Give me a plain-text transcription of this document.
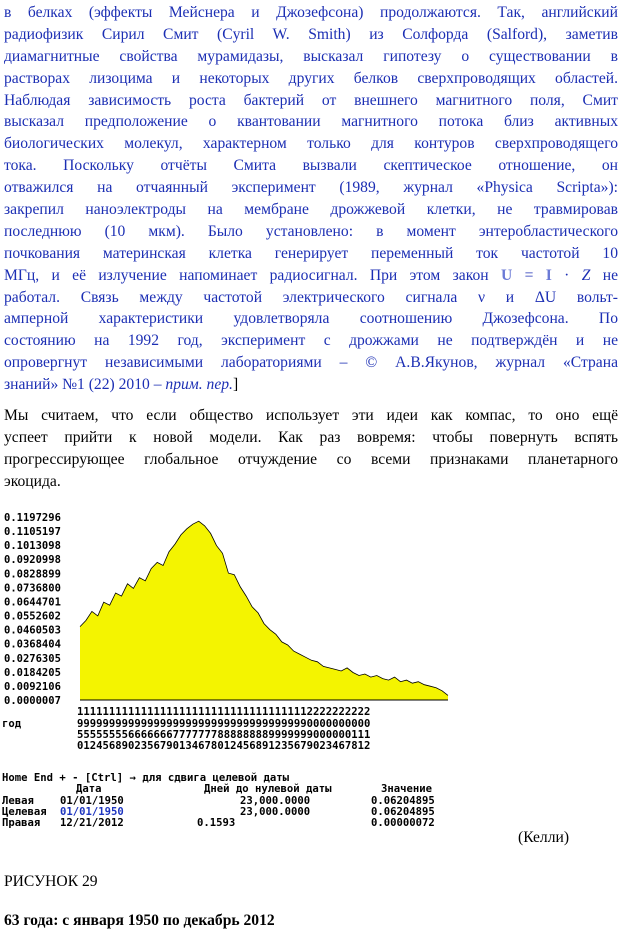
в белках (эффекты Мейснера и Джозефсона) продолжаются. Так, английский
радиофизик Сирил Смит (Cyril W. Smith) из Солфорда (Salford), заметив
диамагнитные свойства мурамидазы, высказал гипотезу о существовании в
растворах лизоцима и некоторых других белков сверхпроводящих областей.
Наблюдая зависимость роста бактерий от внешнего магнитного поля, Смит
высказал предположение о квантовании магнитного потока близ активных
биологических молекул, характерном только для контуров сверхпроводящего
тока. Поскольку отчёты Смита вызвали скептическое отношение, он
отважился на отчаянный эксперимент (1989, журнал «Physica Scripta»):
закрепил наноэлектроды на мембране дрожжевой клетки, не травмировав
последнюю (10 мкм). Было установлено: в момент энтеробластического
почкования материнская клетка генерирует переменный ток частотой 10
МГц, и её излучение напоминает радиосигнал. При этом закон U = I · Z не
работал. Связь между частотой электрического сигнала ν и ΔU вольт-
амперной характеристики удовлетворяла соотношению Джозефсона. По
состоянию на 1992 год, эксперимент с дрожжами не подтверждён и не
опровергнут независимыми лабораториями – © А.В.Якунов, журнал «Страна
знаний» №1 (22) 2010 – прим. пер.]
Мы считаем, что если общество использует эти идеи как компас, то оно ещё
успеет прийти к новой модели. Как раз вовремя: чтобы повернуть вспять
прогрессирующее глобальное отчуждение со всеми признаками планетарного
экоцида.
0.1197296
0.1105197
0.1013098
0.0920998
0.0828899
0.0736800
0.0644701
0.0552602
0.0460503
0.0368404
0.0276305
0.0184205
0.0092106
0.0000007
1111111111111111111111111111111111112222222222
год	9999999999999999999999999999999999990000000000
5555555566666667777777888888889999999000000111
0124568902356790134678012456891235679023467812
Home End + - [Ctrl] → для сдвига целевой даты
Дата	Дней до нулевой даты	Значение
Левая 01/01/1950	23,000.0000	0.06204895
Целевая 01/01/1950	23,000.0000	0.06204895
Правая 12/21/2012	0.1593	0.00000072
(Келли)
РИСУНОК 29
63 года: с января 1950 по декабрь 2012
